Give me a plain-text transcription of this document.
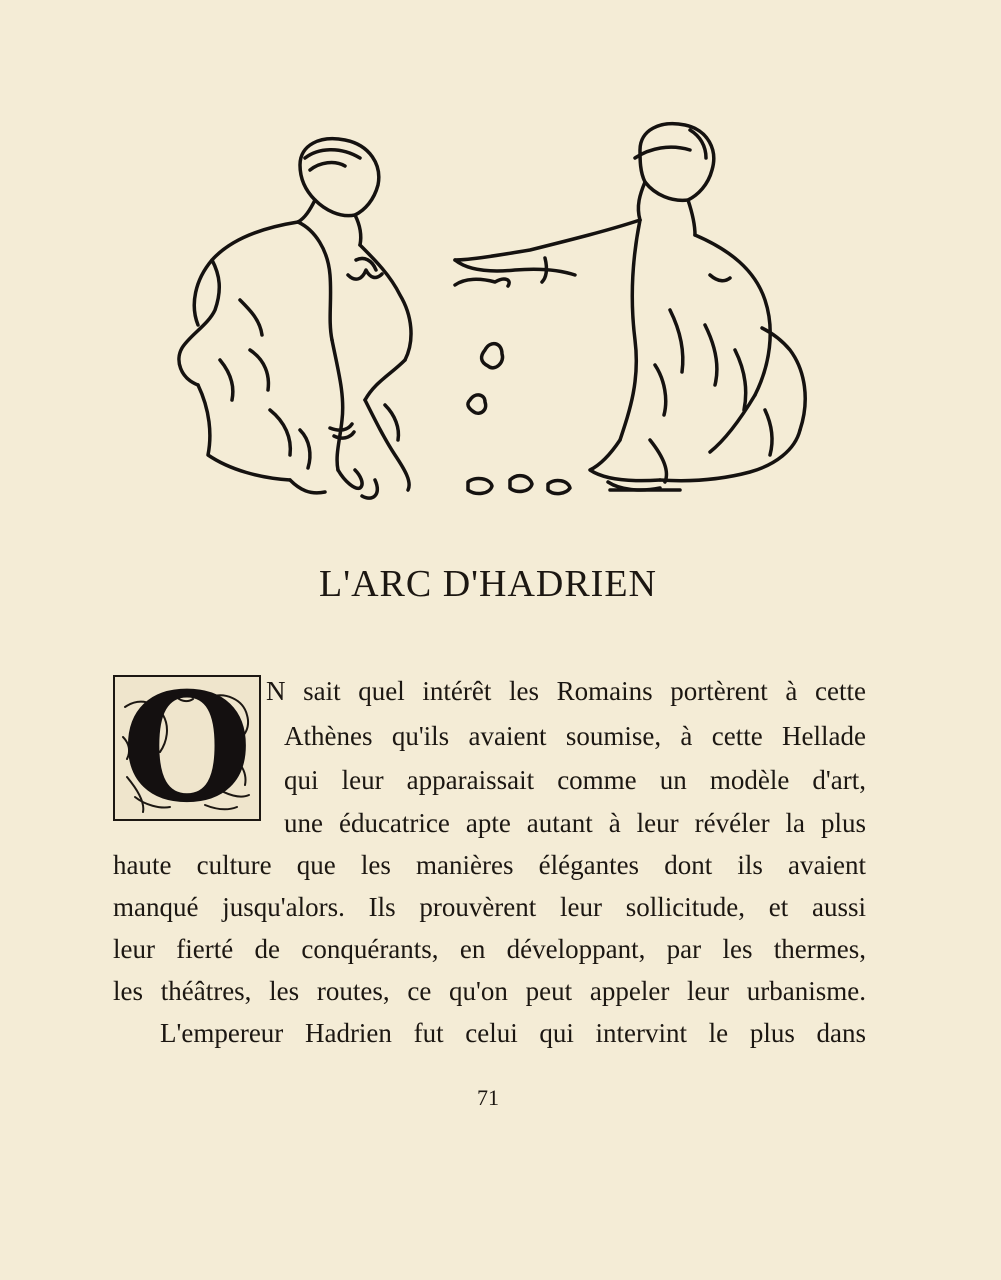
L'ARC D'HADRIEN
O N sait quel intérêt les Romains portèrent à cette
Athènes qu'ils avaient soumise, à cette Hellade
qui leur apparaissait comme un modèle d'art,
une éducatrice apte autant à leur révéler la plus
haute culture que les manières élégantes dont ils avaient
manqué jusqu'alors. Ils prouvèrent leur sollicitude, et aussi
leur fierté de conquérants, en développant, par les thermes,
les théâtres, les routes, ce qu'on peut appeler leur urbanisme.
L'empereur Hadrien fut celui qui intervint le plus dans
71
